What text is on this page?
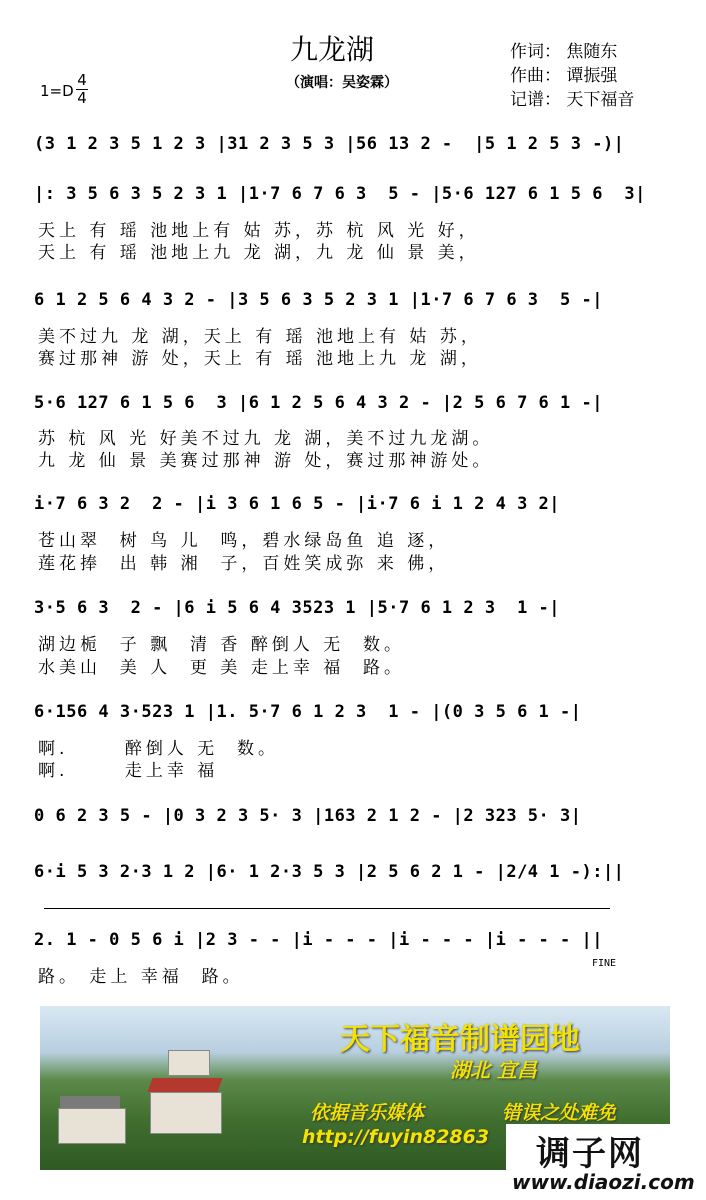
九龙湖
（演唱：吴姿霖）
作词： 焦随东
作曲： 谭振强
记谱： 天下福音
1=D
4
4
(3 1 2 3 5 1 2 3 |31 2 3 5 3 |56 13 2 -  |5 1 2 5 3 -)|
|: 3 5 6 3 5 2 3 1 |1·7 6 7 6 3  5 - |5·6 127 6 1 5 6  3|
天上 有 瑶 池地上有 姑 苏，苏 杭 风 光 好，
天上 有 瑶 池地上九 龙 湖，九 龙 仙 景 美，
6 1 2 5 6 4 3 2 - |3 5 6 3 5 2 3 1 |1·7 6 7 6 3  5 -|
美不过九 龙 湖，天上 有 瑶 池地上有 姑 苏，
赛过那神 游 处，天上 有 瑶 池地上九 龙 湖，
5·6 127 6 1 5 6  3 |6 1 2 5 6 4 3 2 - |2 5 6 7 6 1 -|
苏 杭 风 光 好美不过九 龙 湖，美不过九龙湖。
九 龙 仙 景 美赛过那神 游 处，赛过那神游处。
i·7 6 3 2  2 - |i 3 6 1 6 5 - |i·7 6 i 1 2 4 3 2|
苍山翠  树 鸟 儿  鸣，碧水绿岛鱼 追 逐，
莲花捧  出 韩 湘  子，百姓笑成弥 来 佛，
3·5 6 3  2 - |6 i 5 6 4 3523 1 |5·7 6 1 2 3  1 -|
湖边栀  子 飘  清 香 醉倒人 无  数。
水美山  美 人  更 美 走上幸 福  路。
6·156 4 3·523 1 |1. 5·7 6 1 2 3  1 - |(0 3 5 6 1 -|
啊.      醉倒人 无  数。
啊.      走上幸 福
0 6 2 3 5 - |0 3 2 3 5· 3 |163 2 1 2 - |2 323 5· 3|
6·i 5 3 2·3 1 2 |6· 1 2·3 5 3 |2 5 6 2 1 - |2/4 1 -):||
2. 1 - 0 5 6 i |2 3 - - |i - - - |i - - - |i - - - ||
路。 走上 幸福  路。
FINE
天下福音制谱园地
湖北 宜昌
依据音乐媒体	错误之处难免
http://fuyin82863 调子网
www.diaozi.com
